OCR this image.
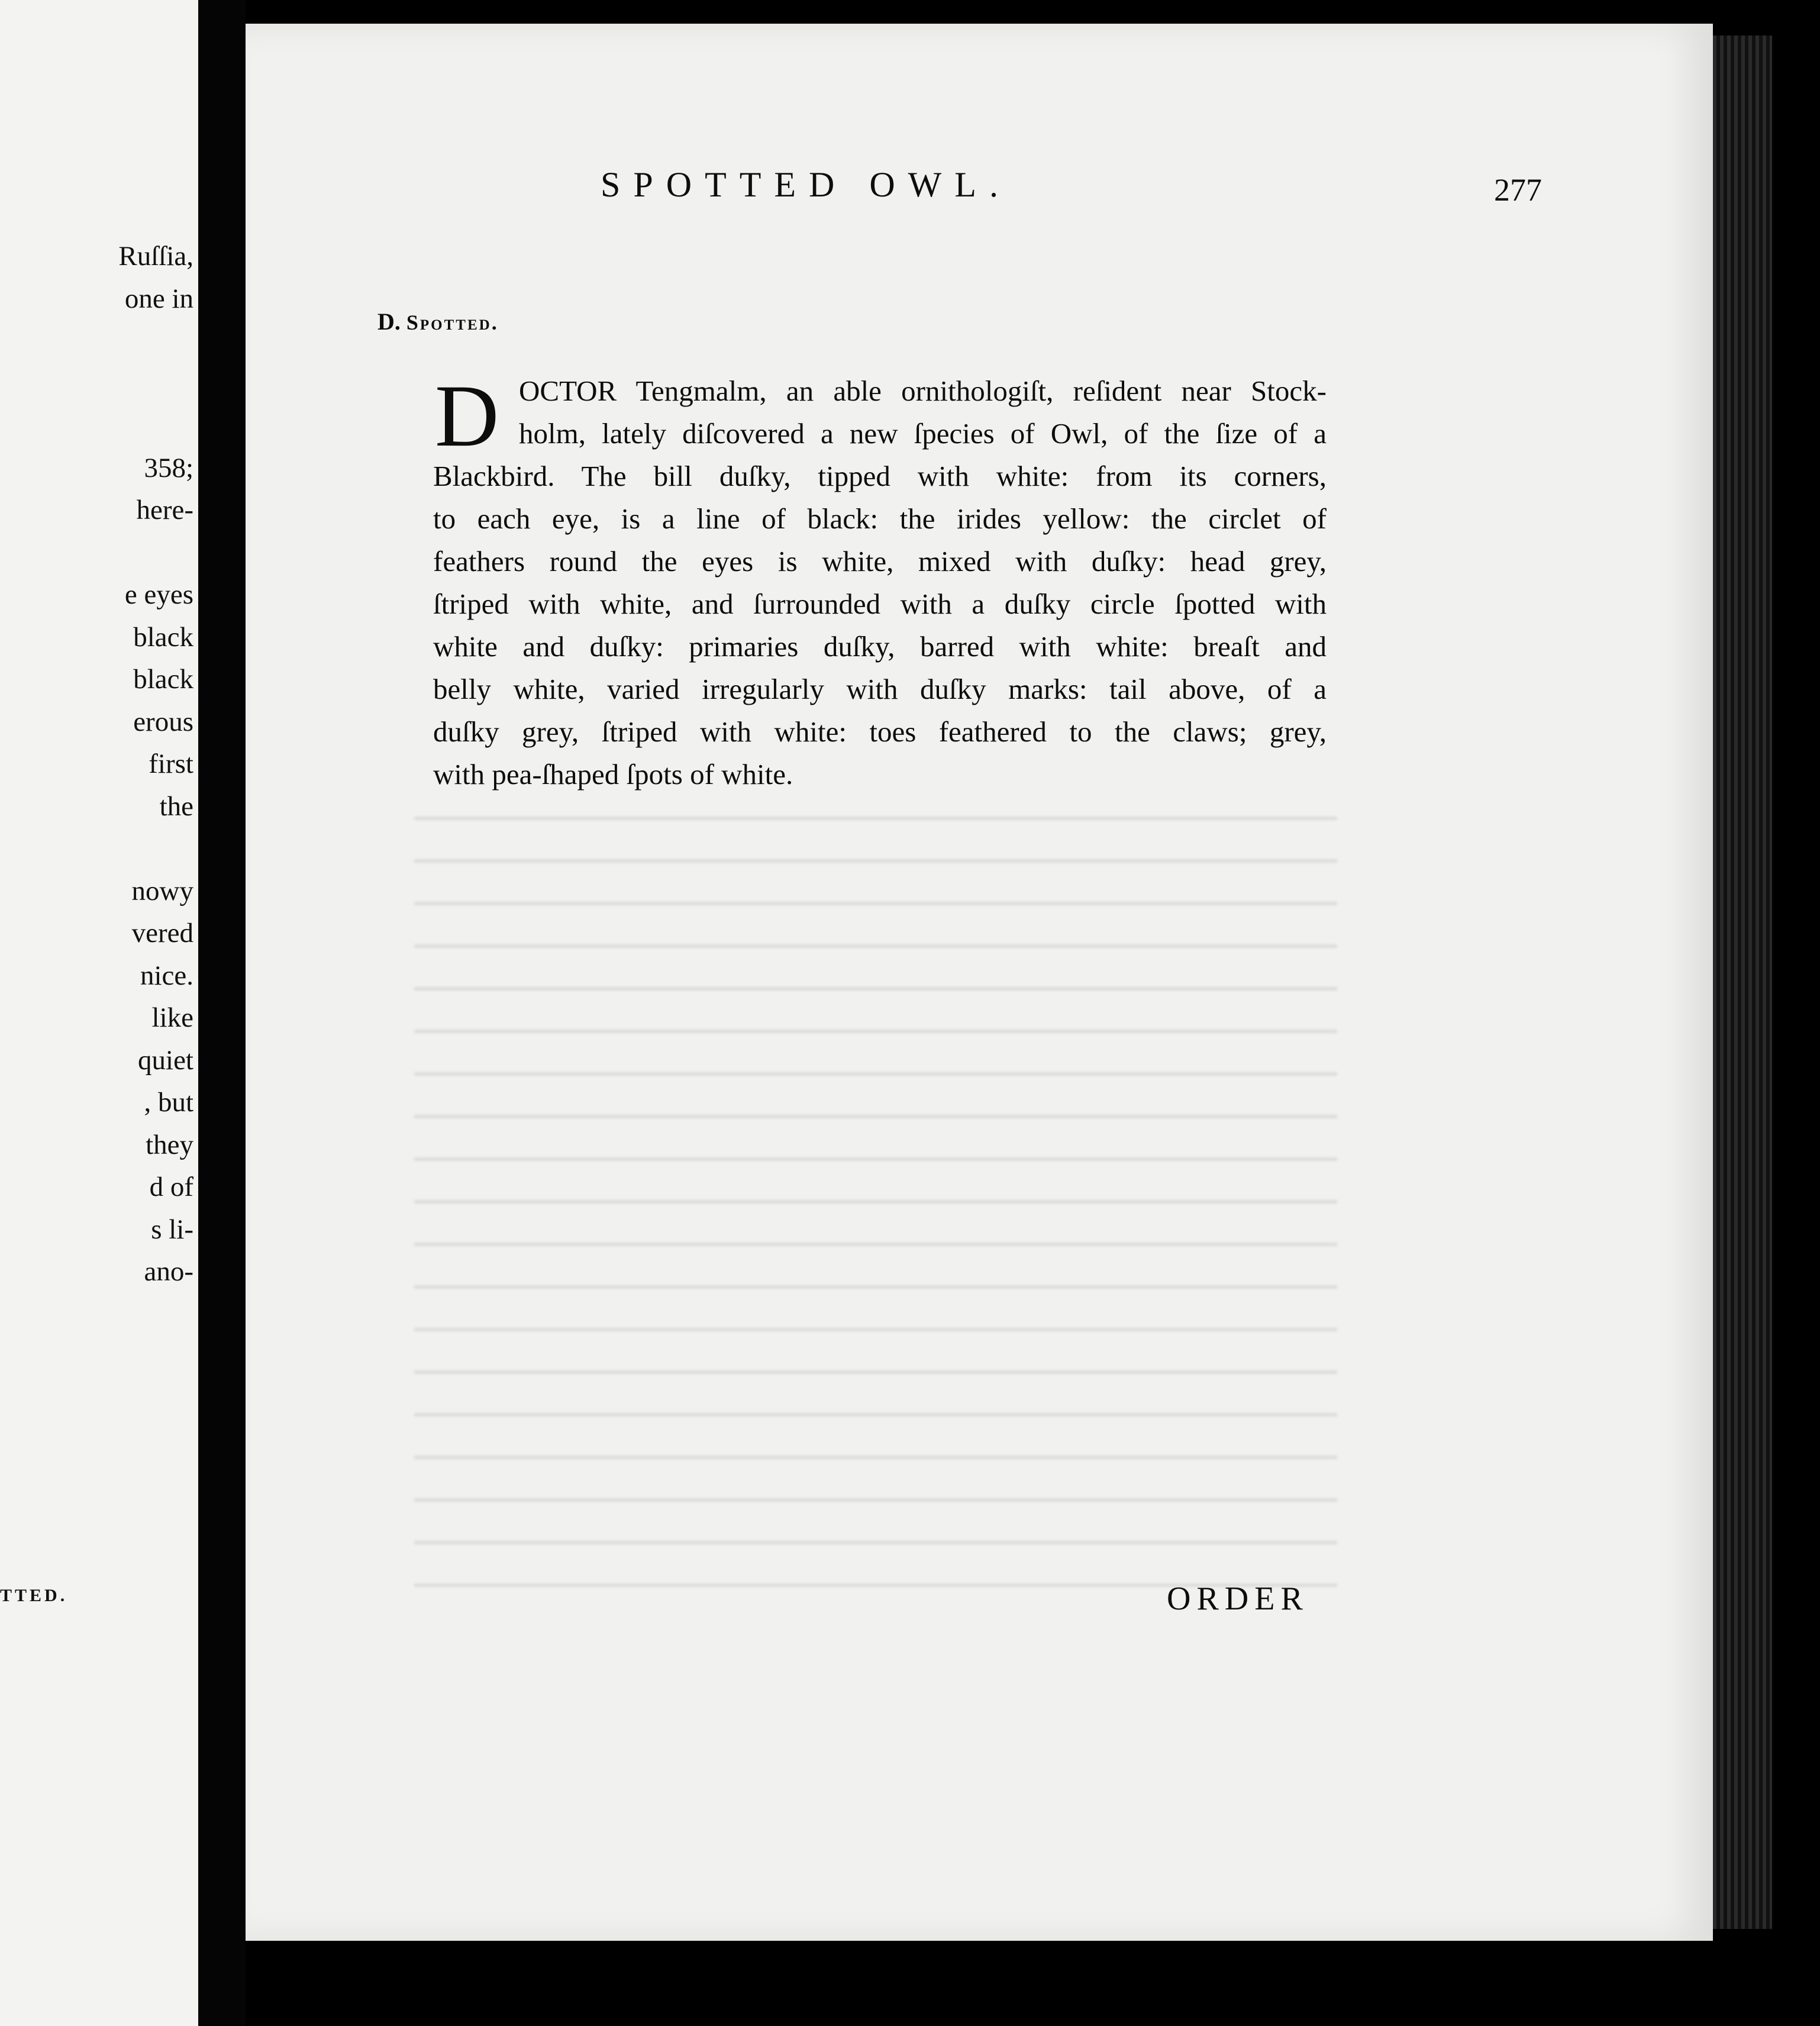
Ruſſia,
one in
358;
here-
e eyes
black
black
erous
first
the
nowy
vered
nice.
like
quiet
, but
they
d of
s li-
ano-
TTED.
SPOTTED OWL.	277
D. Spotted.
D OCTOR Tengmalm, an able ornithologiſt, reſident near Stock-
holm, lately diſcovered a new ſpecies of Owl, of the ſize of a
Blackbird. The bill duſky, tipped with white: from its corners,
to each eye, is a line of black: the irides yellow: the circlet of
feathers round the eyes is white, mixed with duſky: head grey,
ſtriped with white, and ſurrounded with a duſky circle ſpotted with
white and duſky: primaries duſky, barred with white: breaſt and
belly white, varied irregularly with duſky marks: tail above, of a
duſky grey, ſtriped with white: toes feathered to the claws; grey,
with pea-ſhaped ſpots of white.
ORDER
